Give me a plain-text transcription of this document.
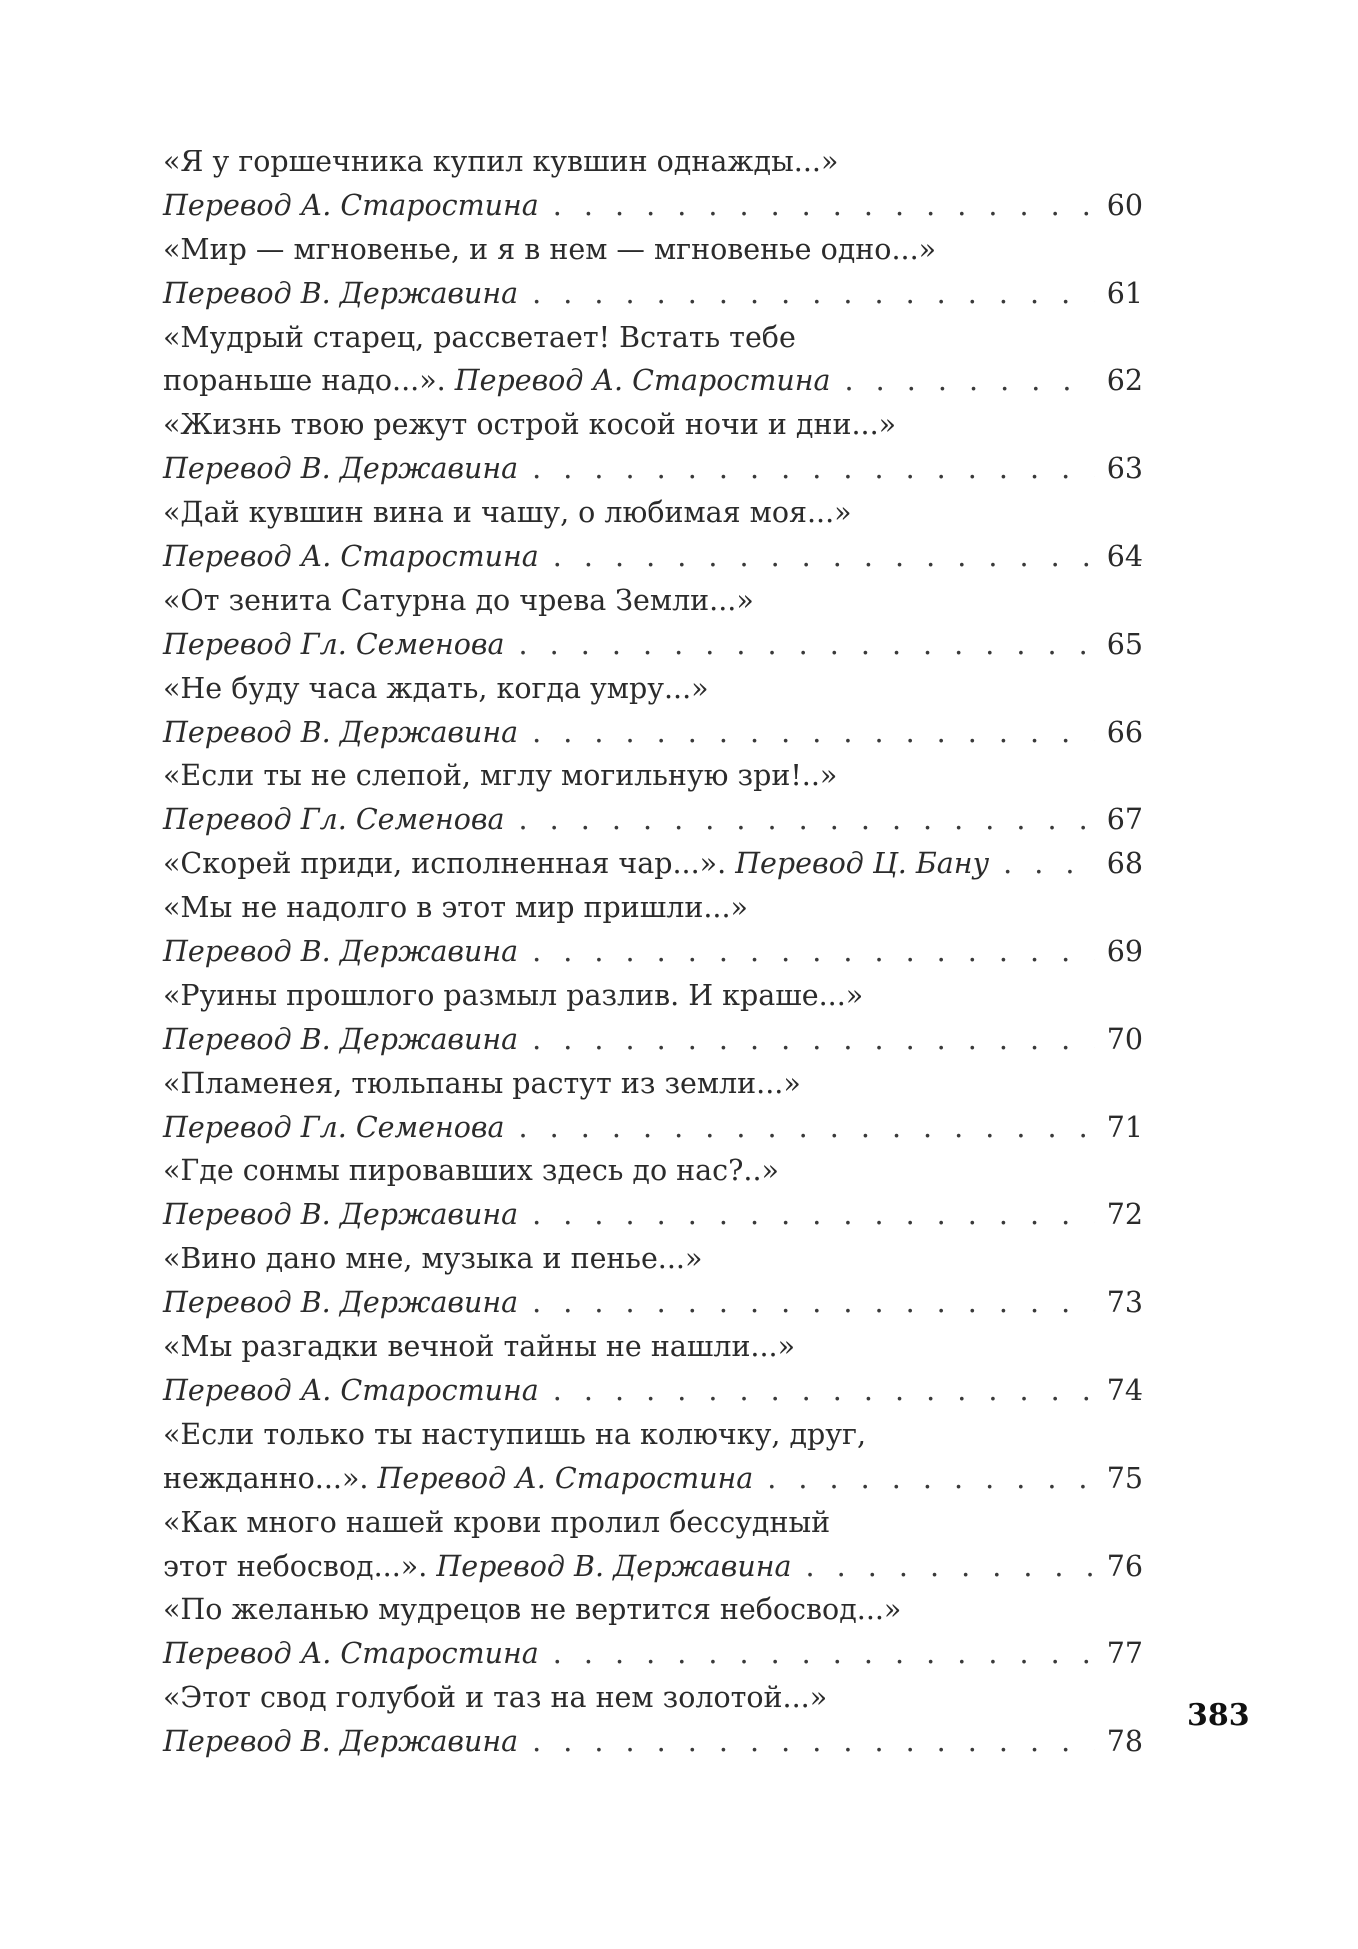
«Я у горшечника купил кувшин однажды...»
Перевод А. Старостина . . .	60
«Мир — мгновенье, и я в нем — мгновенье одно...»
Перевод В. Державина . . .	61
«Мудрый старец, рассветает! Встать тебе
пораньше надо...». Перевод А. Старостина . . .	62
«Жизнь твою режут острой косой ночи и дни...»
Перевод В. Державина . . .	63
«Дай кувшин вина и чашу, о любимая моя...»
Перевод А. Старостина . . .	64
«От зенита Сатурна до чрева Земли...»
Перевод Гл. Семенова . . .	65
«Не буду часа ждать, когда умру...»
Перевод В. Державина . . .	66
«Если ты не слепой, мглу могильную зри!..»
Перевод Гл. Семенова . . .	67
«Скорей приди, исполненная чар...». Перевод Ц. Бану . . .	68
«Мы не надолго в этот мир пришли...»
Перевод В. Державина . . .	69
«Руины прошлого размыл разлив. И краше...»
Перевод В. Державина . . .	70
«Пламенея, тюльпаны растут из земли...»
Перевод Гл. Семенова . . .	71
«Где сонмы пировавших здесь до нас?..»
Перевод В. Державина . . .	72
«Вино дано мне, музыка и пенье...»
Перевод В. Державина . . .	73
«Мы разгадки вечной тайны не нашли...»
Перевод А. Старостина . . .	74
«Если только ты наступишь на колючку, друг,
нежданно...». Перевод А. Старостина . . .	75
«Как много нашей крови пролил бессудный
этот небосвод...». Перевод В. Державина . . .	76
«По желанью мудрецов не вертится небосвод...»
Перевод А. Старостина . . .	77
«Этот свод голубой и таз на нем золотой...»
Перевод В. Державина . . .	78
383
